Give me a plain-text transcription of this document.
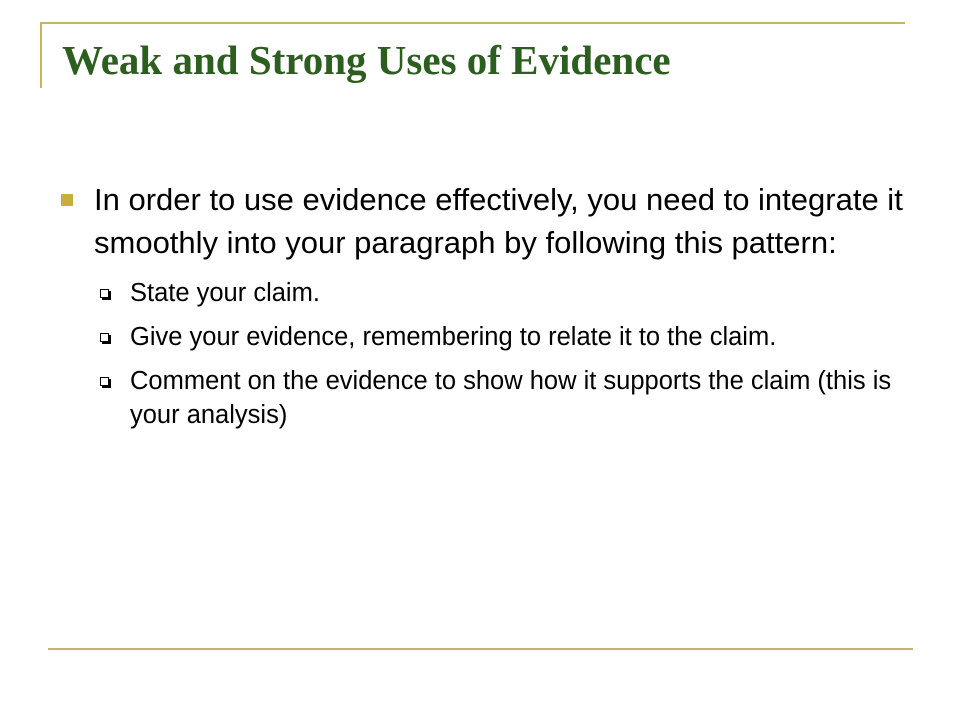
Weak and Strong Uses of Evidence
In order to use evidence effectively, you need to integrate it smoothly into your paragraph by following this pattern:
State your claim.
Give your evidence, remembering to relate it to the claim.
Comment on the evidence to show how it supports the claim (this is your analysis)
